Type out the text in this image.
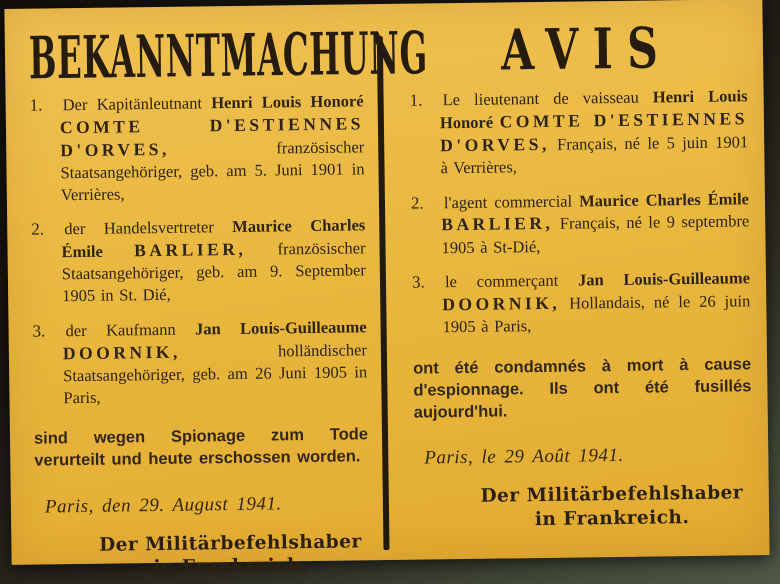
BEKANNTMACHUNG
1. Der Kapitänleutnant Henri Louis Honoré COMTE D'ESTIENNES D'ORVES, französischer Staatsangehöriger, geb. am 5. Juni 1901 in Verrières,

2. der Handelsvertreter Maurice Charles Émile BARLIER, französischer Staatsangehöriger, geb. am 9. September 1905 in St. Dié,

3. der Kaufmann Jan Louis-Guilleaume DOORNIK, holländischer Staatsangehöriger, geb. am 26 Juni 1905 in Paris,

sind wegen Spionage zum Tode verurteilt und heute erschossen worden.

Paris, den 29. August 1941.

Der Militärbefehlshaber
in Frankreich.

AVIS
1. Le lieutenant de vaisseau Henri Louis Honoré COMTE D'ESTIENNES D'ORVES, Français, né le 5 juin 1901 à Verrières,

2. l'agent commercial Maurice Charles Émile BARLIER, Français, né le 9 septembre 1905 à St-Dié,

3. le commerçant Jan Louis-Guilleaume DOORNIK, Hollandais, né le 26 juin 1905 à Paris,

ont été condamnés à mort à cause d'espionnage. Ils ont été fusillés aujourd'hui.

Paris, le 29 Août 1941.

Der Militärbefehlshaber
in Frankreich.
